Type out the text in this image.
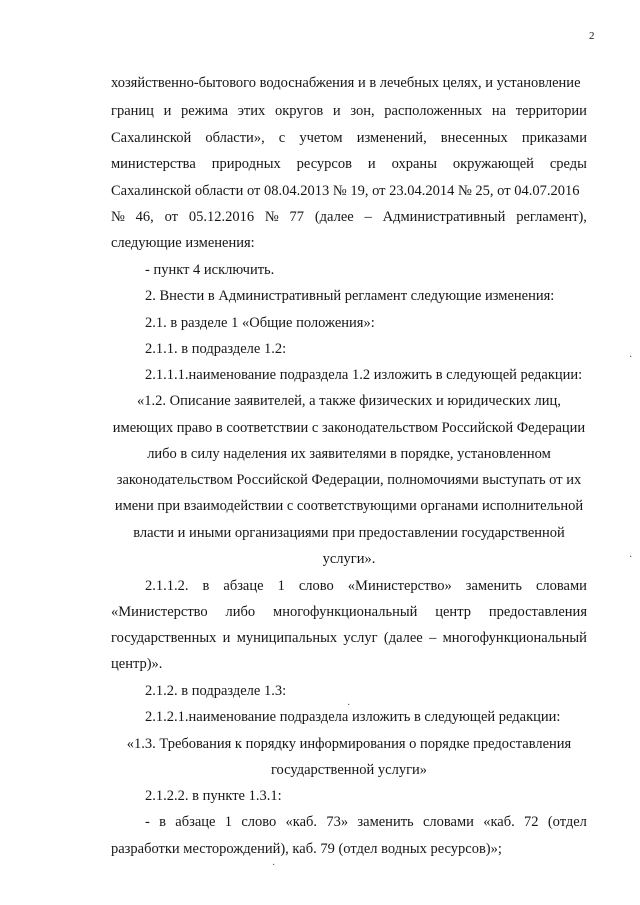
2
хозяйственно-бытового водоснабжения и в лечебных целях, и установление
границ и режима этих округов и зон, расположенных на территории
Сахалинской области», с учетом изменений, внесенных приказами
министерства природных ресурсов и охраны окружающей среды
Сахалинской области от 08.04.2013 № 19, от 23.04.2014 № 25, от 04.07.2016
№ 46, от 05.12.2016 № 77 (далее – Административный регламент),
следующие изменения:
- пункт 4 исключить.
2. Внести в Административный регламент следующие изменения:
2.1. в разделе 1 «Общие положения»:
2.1.1. в подразделе 1.2:
2.1.1.1.наименование подраздела 1.2 изложить в следующей редакции:
«1.2. Описание заявителей, а также физических и юридических лиц,
имеющих право в соответствии с законодательством Российской Федерации
либо в силу наделения их заявителями в порядке, установленном
законодательством Российской Федерации, полномочиями выступать от их
имени при взаимодействии с соответствующими органами исполнительной
власти и иными организациями при предоставлении государственной
услуги».
2.1.1.2. в абзаце 1 слово «Министерство» заменить словами
«Министерство либо многофункциональный центр предоставления
государственных и муниципальных услуг (далее – многофункциональный
центр)».
2.1.2. в подразделе 1.3:
2.1.2.1.наименование подраздела изложить в следующей редакции:
«1.3. Требования к порядку информирования о порядке предоставления
государственной услуги»
2.1.2.2. в пункте 1.3.1:
- в абзаце 1 слово «каб. 73» заменить словами «каб. 72 (отдел
разработки месторождений), каб. 79 (отдел водных ресурсов)»;
·
·
·
·
